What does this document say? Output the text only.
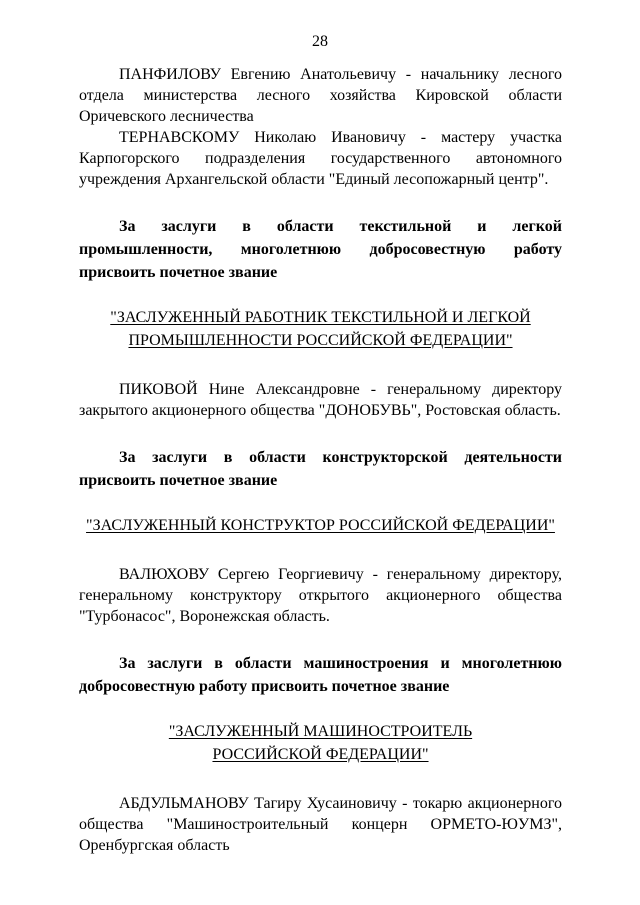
28

ПАНФИЛОВУ Евгению Анатольевичу - начальнику лесного отдела министерства лесного хозяйства Кировской области Оричевского лесничества

ТЕРНАВСКОМУ Николаю Ивановичу - мастеру участка Карпогорского подразделения государственного автономного учреждения Архангельской области "Единый лесопожарный центр".

За заслуги в области текстильной и легкой промышленности, многолетнюю добросовестную работу присвоить почетное звание

"ЗАСЛУЖЕННЫЙ РАБОТНИК ТЕКСТИЛЬНОЙ И ЛЕГКОЙ
ПРОМЫШЛЕННОСТИ РОССИЙСКОЙ ФЕДЕРАЦИИ"

ПИКОВОЙ Нине Александровне - генеральному директору закрытого акционерного общества "ДОНОБУВЬ", Ростовская область.

За заслуги в области конструкторской деятельности присвоить почетное звание

"ЗАСЛУЖЕННЫЙ КОНСТРУКТОР РОССИЙСКОЙ ФЕДЕРАЦИИ"

ВАЛЮХОВУ Сергею Георгиевичу - генеральному директору, генеральному конструктору открытого акционерного общества "Турбонасос", Воронежская область.

За заслуги в области машиностроения и многолетнюю добросовестную работу присвоить почетное звание

"ЗАСЛУЖЕННЫЙ МАШИНОСТРОИТЕЛЬ
РОССИЙСКОЙ ФЕДЕРАЦИИ"

АБДУЛЬМАНОВУ Тагиру Хусаиновичу - токарю акционерного общества "Машиностроительный концерн ОРМЕТО-ЮУМЗ", Оренбургская область
